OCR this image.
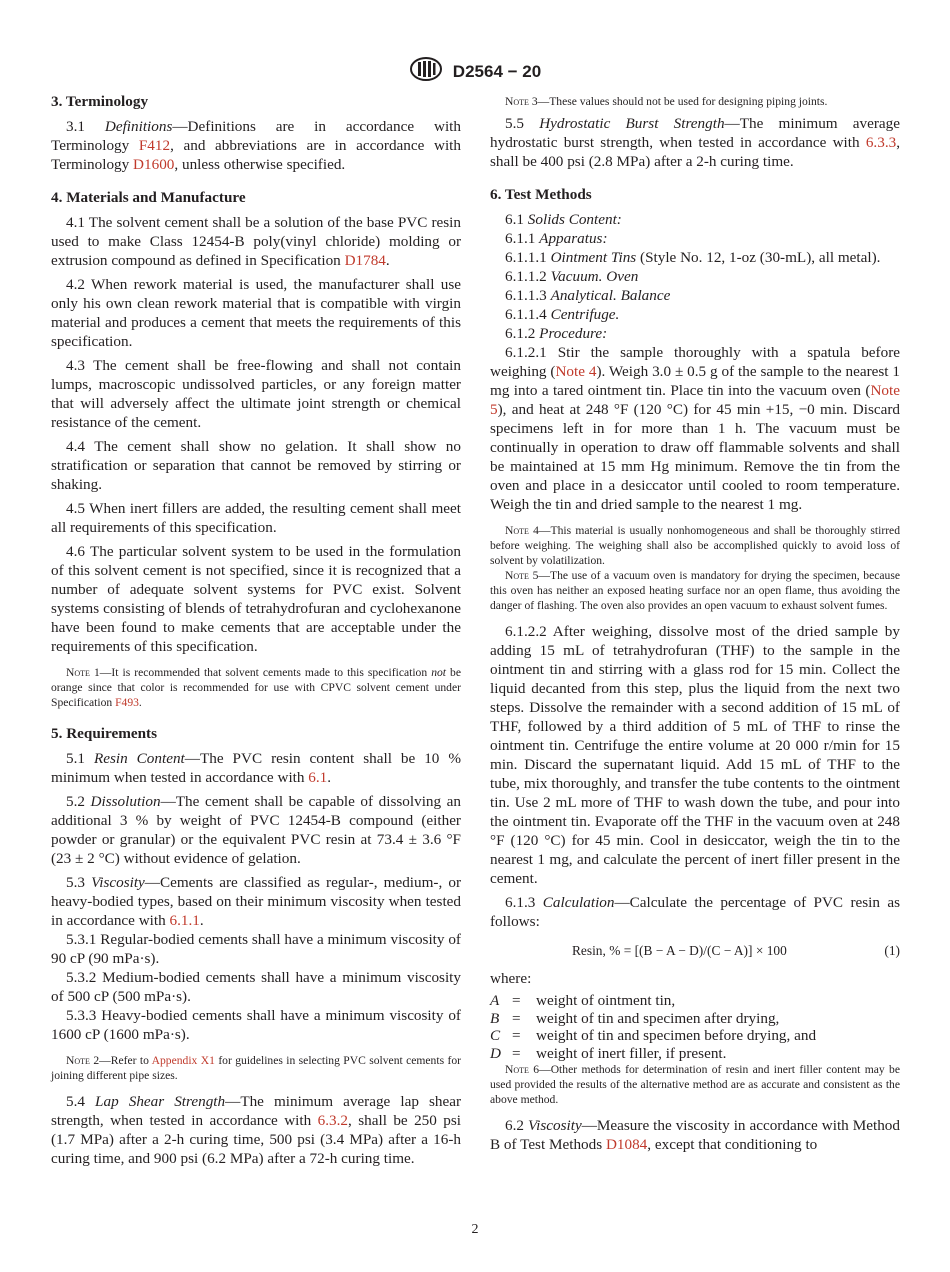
D2564 − 20
3. Terminology

3.1 Definitions—Definitions are in accordance with Terminology F412, and abbreviations are in accordance with Terminology D1600, unless otherwise specified.

4. Materials and Manufacture

4.1 The solvent cement shall be a solution of the base PVC resin used to make Class 12454-B poly(vinyl chloride) molding or extrusion compound as defined in Specification D1784.

4.2 When rework material is used, the manufacturer shall use only his own clean rework material that is compatible with virgin material and produces a cement that meets the requirements of this specification.

4.3 The cement shall be free-flowing and shall not contain lumps, macroscopic undissolved particles, or any foreign matter that will adversely affect the ultimate joint strength or chemical resistance of the cement.

4.4 The cement shall show no gelation. It shall show no stratification or separation that cannot be removed by stirring or shaking.

4.5 When inert fillers are added, the resulting cement shall meet all requirements of this specification.

4.6 The particular solvent system to be used in the formulation of this solvent cement is not specified, since it is recognized that a number of adequate solvent systems for PVC exist. Solvent systems consisting of blends of tetrahydrofuran and cyclohexanone have been found to make cements that are acceptable under the requirements of this specification.

Note 1—It is recommended that solvent cements made to this specification not be orange since that color is recommended for use with CPVC solvent cement under Specification F493.

5. Requirements

5.1 Resin Content—The PVC resin content shall be 10 % minimum when tested in accordance with 6.1.

5.2 Dissolution—The cement shall be capable of dissolving an additional 3 % by weight of PVC 12454-B compound (either powder or granular) or the equivalent PVC resin at 73.4 ± 3.6 °F (23 ± 2 °C) without evidence of gelation.

5.3 Viscosity—Cements are classified as regular-, medium-, or heavy-bodied types, based on their minimum viscosity when tested in accordance with 6.1.1.

5.3.1 Regular-bodied cements shall have a minimum viscosity of 90 cP (90 mPa·s).

5.3.2 Medium-bodied cements shall have a minimum viscosity of 500 cP (500 mPa·s).

5.3.3 Heavy-bodied cements shall have a minimum viscosity of 1600 cP (1600 mPa·s).

Note 2—Refer to Appendix X1 for guidelines in selecting PVC solvent cements for joining different pipe sizes.

5.4 Lap Shear Strength—The minimum average lap shear strength, when tested in accordance with 6.3.2, shall be 250 psi (1.7 MPa) after a 2-h curing time, 500 psi (3.4 MPa) after a 16-h curing time, and 900 psi (6.2 MPa) after a 72-h curing time.

Note 3—These values should not be used for designing piping joints.

5.5 Hydrostatic Burst Strength—The minimum average hydrostatic burst strength, when tested in accordance with 6.3.3, shall be 400 psi (2.8 MPa) after a 2-h curing time.

6. Test Methods

6.1 Solids Content:

6.1.1 Apparatus:

6.1.1.1 Ointment Tins (Style No. 12, 1-oz (30-mL), all metal).

6.1.1.2 Vacuum. Oven

6.1.1.3 Analytical. Balance

6.1.1.4 Centrifuge.

6.1.2 Procedure:

6.1.2.1 Stir the sample thoroughly with a spatula before weighing (Note 4). Weigh 3.0 ± 0.5 g of the sample to the nearest 1 mg into a tared ointment tin. Place tin into the vacuum oven (Note 5), and heat at 248 °F (120 °C) for 45 min +15, −0 min. Discard specimens left in for more than 1 h. The vacuum must be continually in operation to draw off flammable solvents and shall be maintained at 15 mm Hg minimum. Remove the tin from the oven and place in a desiccator until cooled to room temperature. Weigh the tin and dried sample to the nearest 1 mg.

Note 4—This material is usually nonhomogeneous and shall be thoroughly stirred before weighing. The weighing shall also be accomplished quickly to avoid loss of solvent by volatilization.

Note 5—The use of a vacuum oven is mandatory for drying the specimen, because this oven has neither an exposed heating surface nor an open flame, thus avoiding the danger of flashing. The oven also provides an open vacuum to exhaust solvent fumes.

6.1.2.2 After weighing, dissolve most of the dried sample by adding 15 mL of tetrahydrofuran (THF) to the sample in the ointment tin and stirring with a glass rod for 15 min. Collect the liquid decanted from this step, plus the liquid from the next two steps. Dissolve the remainder with a second addition of 15 mL of THF, followed by a third addition of 5 mL of THF to rinse the ointment tin. Centrifuge the entire volume at 20 000 r/min for 15 min. Discard the supernatant liquid. Add 15 mL of THF to the tube, mix thoroughly, and transfer the tube contents to the ointment tin. Use 2 mL more of THF to wash down the tube, and pour into the ointment tin. Evaporate off the THF in the vacuum oven at 248 °F (120 °C) for 45 min. Cool in desiccator, weigh the tin to the nearest 1 mg, and calculate the percent of inert filler present in the cement.

6.1.3 Calculation—Calculate the percentage of PVC resin as follows:

Resin, % = [(B − A − D)/(C − A)] × 100	(1)

where:

A =	weight of ointment tin,
B =	weight of tin and specimen after drying,
C =	weight of tin and specimen before drying, and
D =	weight of inert filler, if present.

Note 6—Other methods for determination of resin and inert filler content may be used provided the results of the alternative method are as accurate and consistent as the above method.

6.2 Viscosity—Measure the viscosity in accordance with Method B of Test Methods D1084, except that conditioning to

2
